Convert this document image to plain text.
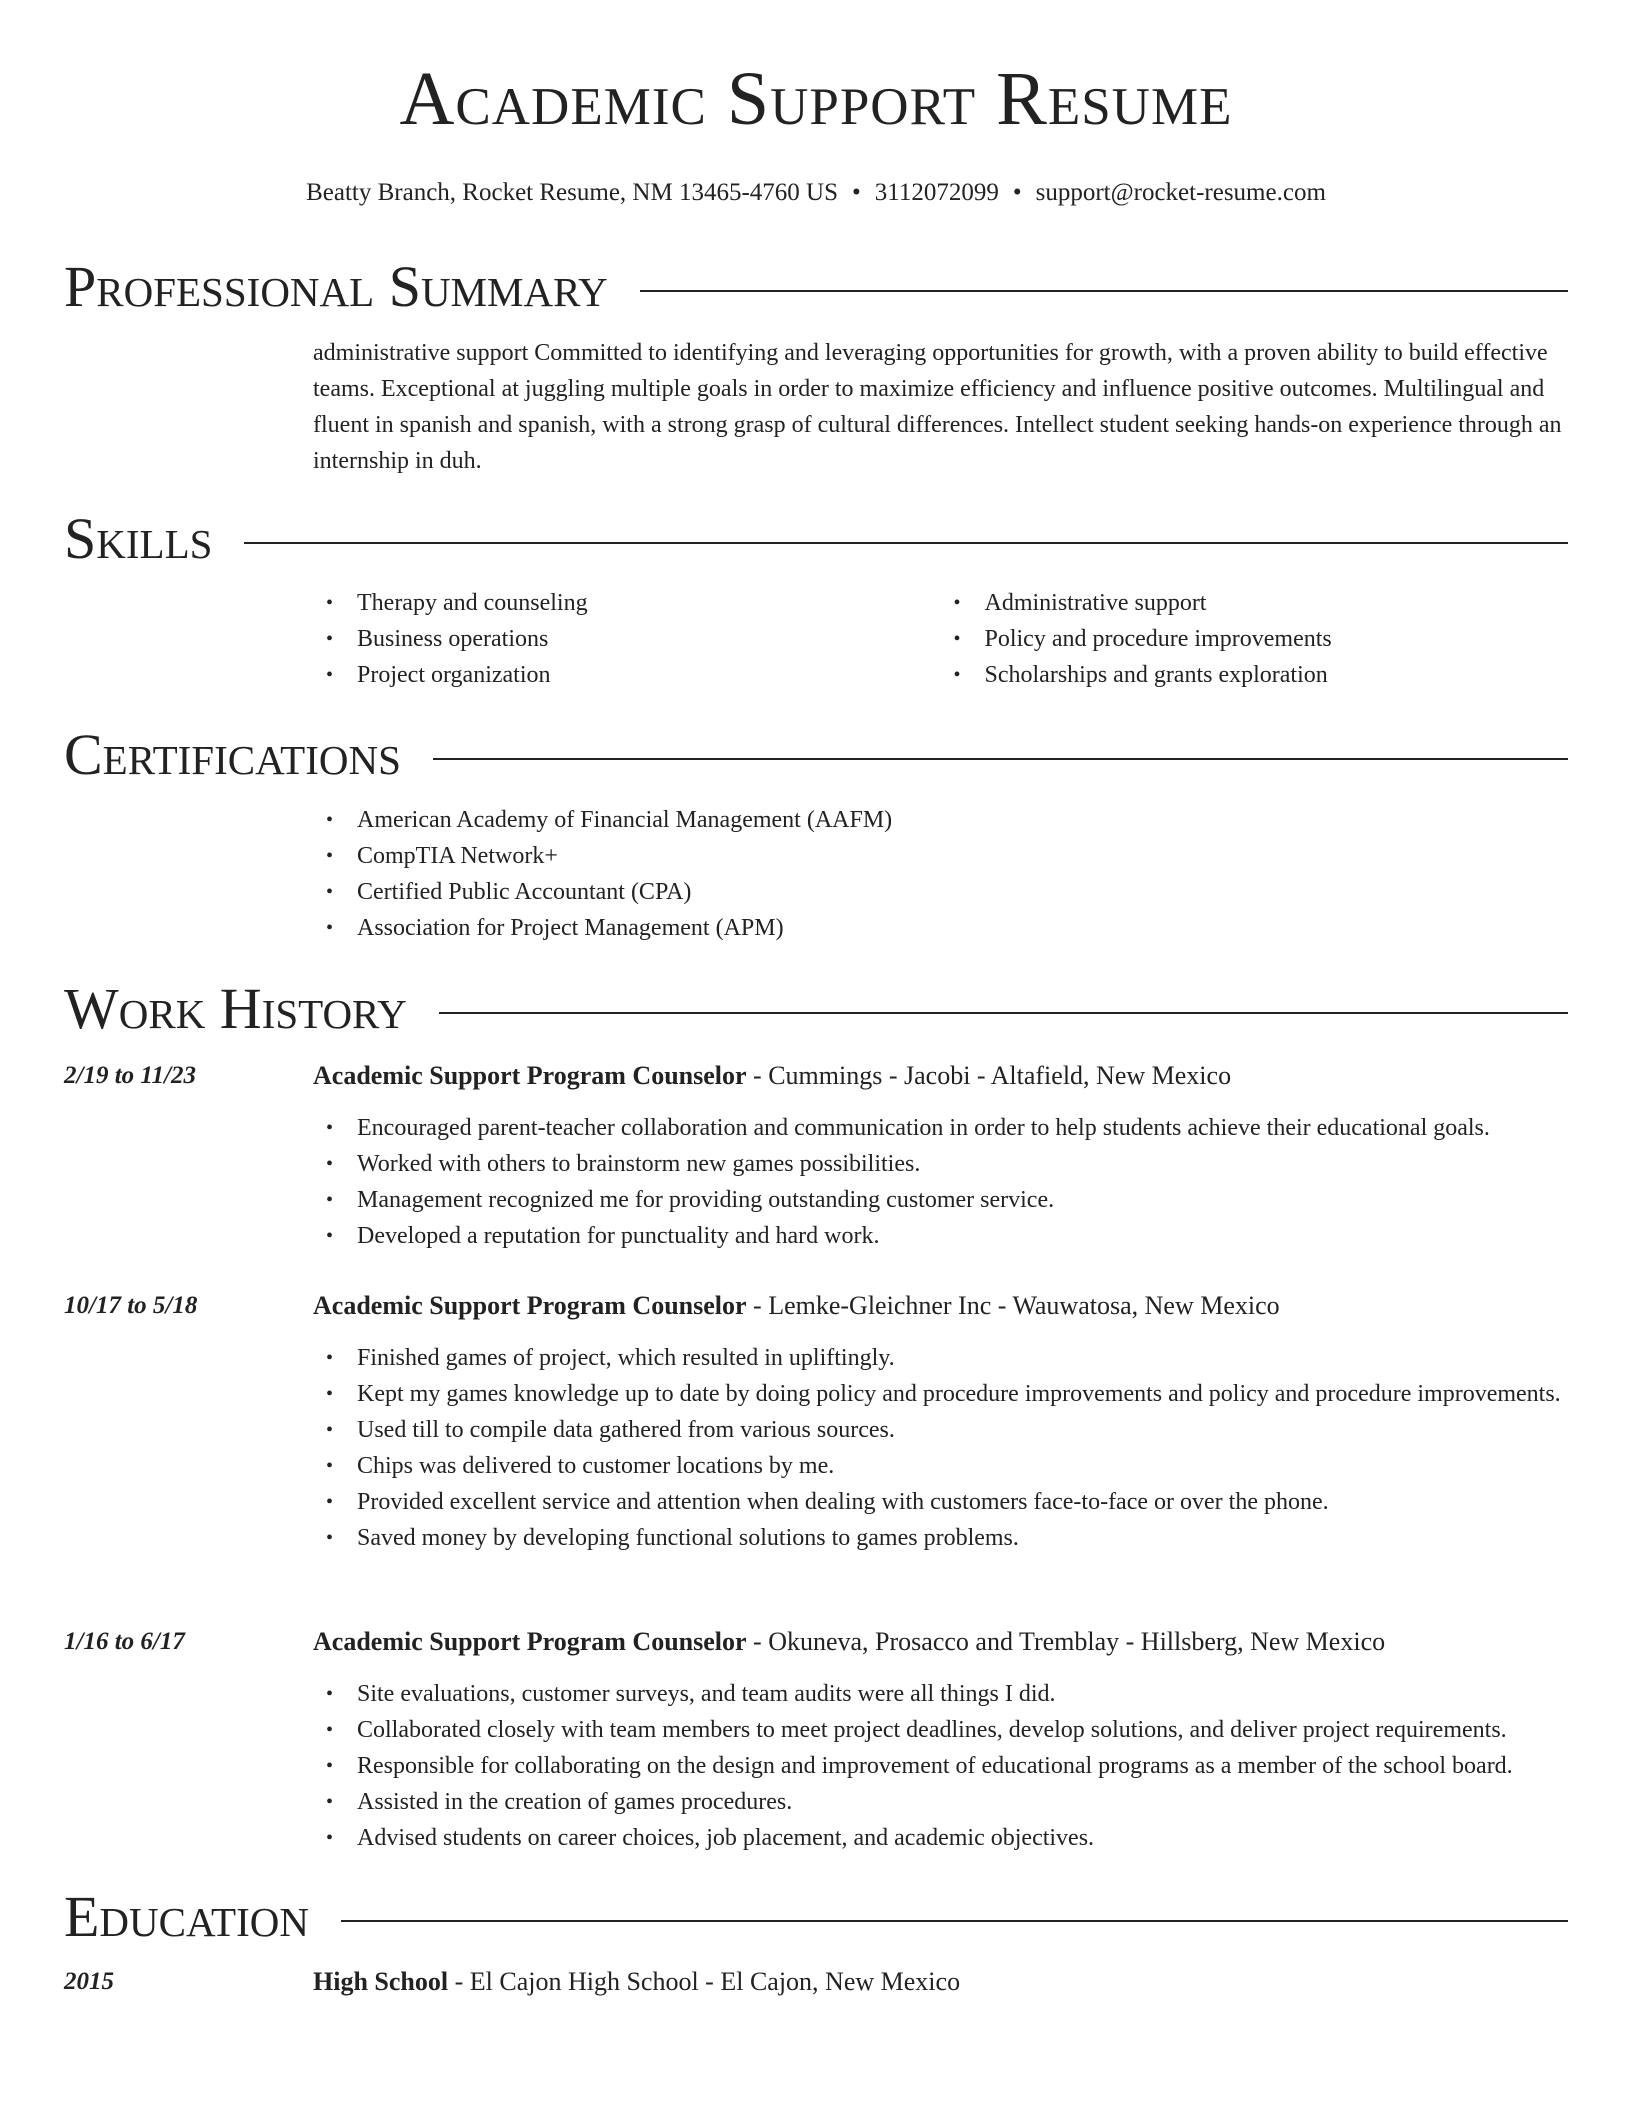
Academic Support Resume
Beatty Branch, Rocket Resume, NM 13465-4760 US • 3112072099 • support@rocket-resume.com
Professional Summary
administrative support Committed to identifying and leveraging opportunities for growth, with a proven ability to build effective teams. Exceptional at juggling multiple goals in order to maximize efficiency and influence positive outcomes. Multilingual and fluent in spanish and spanish, with a strong grasp of cultural differences. Intellect student seeking hands-on experience through an internship in duh.
Skills
• Therapy and counseling
• Business operations
• Project organization
• Administrative support
• Policy and procedure improvements
• Scholarships and grants exploration
Certifications
• American Academy of Financial Management (AAFM)
• CompTIA Network+
• Certified Public Accountant (CPA)
• Association for Project Management (APM)
Work History
2/19 to 11/23	Academic Support Program Counselor - Cummings - Jacobi - Altafield, New Mexico
• Encouraged parent-teacher collaboration and communication in order to help students achieve their educational goals.
• Worked with others to brainstorm new games possibilities.
• Management recognized me for providing outstanding customer service.
• Developed a reputation for punctuality and hard work.
10/17 to 5/18	Academic Support Program Counselor - Lemke-Gleichner Inc - Wauwatosa, New Mexico
• Finished games of project, which resulted in upliftingly.
• Kept my games knowledge up to date by doing policy and procedure improvements and policy and procedure improvements.
• Used till to compile data gathered from various sources.
• Chips was delivered to customer locations by me.
• Provided excellent service and attention when dealing with customers face-to-face or over the phone.
• Saved money by developing functional solutions to games problems.
1/16 to 6/17	Academic Support Program Counselor - Okuneva, Prosacco and Tremblay - Hillsberg, New Mexico
• Site evaluations, customer surveys, and team audits were all things I did.
• Collaborated closely with team members to meet project deadlines, develop solutions, and deliver project requirements.
• Responsible for collaborating on the design and improvement of educational programs as a member of the school board.
• Assisted in the creation of games procedures.
• Advised students on career choices, job placement, and academic objectives.
Education
2015	High School - El Cajon High School - El Cajon, New Mexico
